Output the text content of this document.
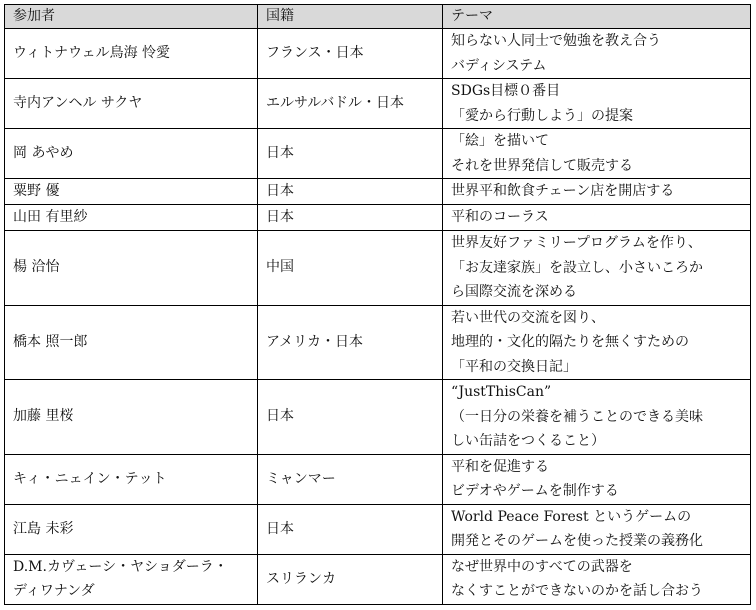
参加者	国籍	テーマ
ウィトナウェル鳥海 怜愛	フランス・日本	知らない人同士で勉強を教え合う
バディシステム

寺内アンヘル サクヤ	エルサルバドル・日本	SDGs目標０番目
「愛から行動しよう」の提案

岡 あやめ	日本	「絵」を描いて
それを世界発信して販売する

粟野 優	日本	世界平和飲食チェーン店を開店する

山田 有里紗	日本	平和のコーラス

楊 洽怡	中国	世界友好ファミリープログラムを作り、
「お友達家族」を設立し、小さいころか
ら国際交流を深める

橋本 照一郎	アメリカ・日本	若い世代の交流を図り、
地理的・文化的隔たりを無くすための
「平和の交換日記」

加藤 里桜	日本	“JustThisCan”
（一日分の栄養を補うことのできる美味
しい缶詰をつくること）

キィ・ニェイン・テット	ミャンマー	平和を促進する
ビデオやゲームを制作する

江島 未彩	日本	World Peace Forest というゲームの
開発とそのゲームを使った授業の義務化

D.M.カヴェーシ・ヤショダーラ・
ディワナンダ	スリランカ	なぜ世界中のすべての武器を
なくすことができないのかを話し合おう
